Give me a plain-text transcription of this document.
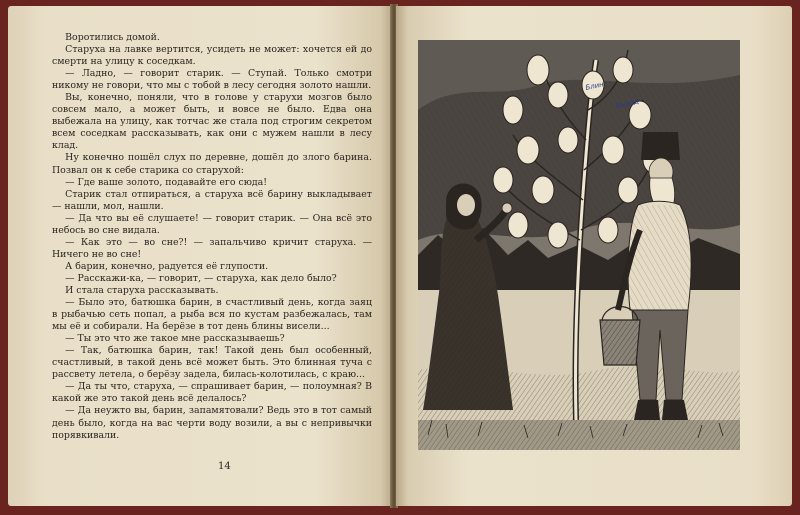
Воротились домой.

Старуха на лавке вертится, усидеть не может: хочется ей до смерти на улицу к соседкам.

— Ладно, — говорит старик. — Ступай. Только смотри никому не говори, что мы с тобой в лесу сегодня золото нашли.

Вы, конечно, поняли, что в голове у старухи мозгов было совсем мало, а может быть, и вовсе не было. Едва она выбежала на улицу, как тотчас же стала под строгим секретом всем соседкам рассказывать, как они с мужем нашли в лесу клад.

Ну конечно пошёл слух по деревне, дошёл до злого барина. Позвал он к себе старика со старухой:

— Где ваше золото, подавайте его сюда!

Старик стал отпираться, а старуха всё барину выкладывает — нашли, мол, нашли.

— Да что вы её слушаете! — говорит старик. — Она всё это небось во сне видала.

— Как это — во сне?! — запальчиво кричит старуха. — Ничего не во сне!

А барин, конечно, радуется её глупости.

— Расскажи-ка, — говорит, — старуха, как дело было?

И стала старуха рассказывать.

— Было это, батюшка барин, в счастливый день, когда заяц в рыбачью сеть попал, а рыба вся по кустам разбежалась, там мы её и собирали. На берёзе в тот день блины висели...

— Ты это что же такое мне рассказываешь?

— Так, батюшка барин, так! Такой день был особенный, счастливый, в такой день всё может быть. Это блинная туча с рассвету летела, о берёзу задела, билась-колотилась, с краю...

— Да ты что, старуха, — спрашивает барин, — полоумная? В какой же это такой день всё делалось?

— Да неужто вы, барин, запамятовали? Ведь это в тот самый день было, когда на вас черти воду возили, а вы с непривычки порявкивали.

14
Блин
Вывод
